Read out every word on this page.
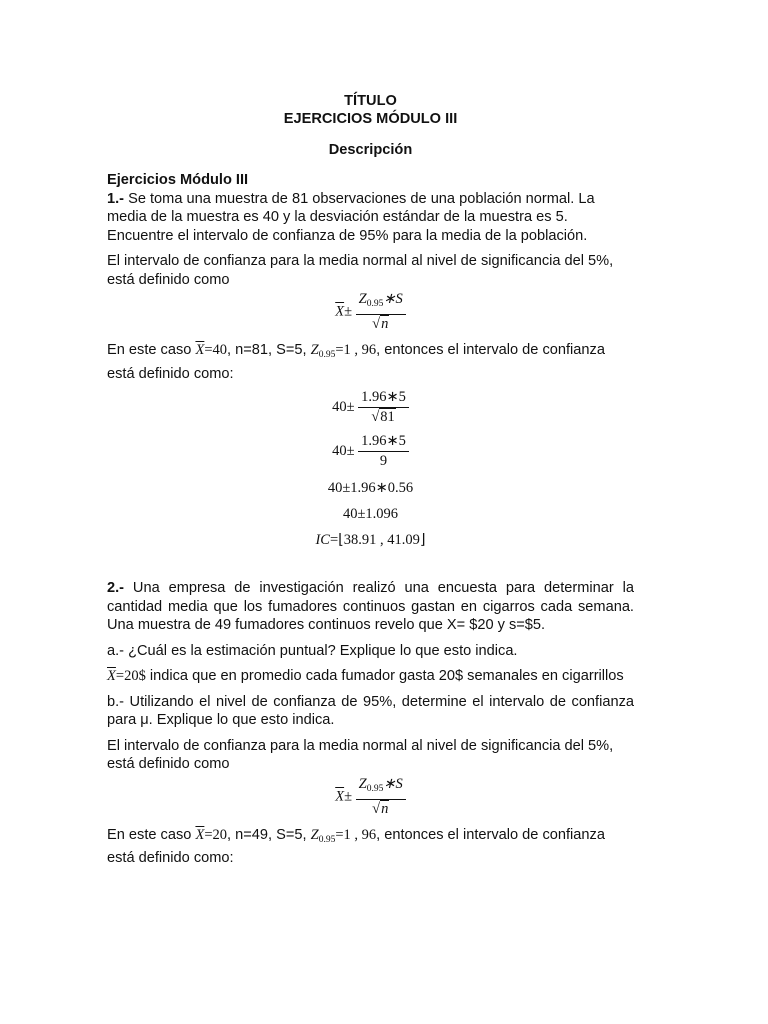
TÍTULO
EJERCICIOS MÓDULO III
Descripción
Ejercicios Módulo III

1.- Se toma una muestra de 81 observaciones de una población normal. La media de la muestra es 40 y la desviación estándar de la muestra es 5. Encuentre el intervalo de confianza de 95% para la media de la población.

El intervalo de confianza para la media normal al nivel de significancia del 5%, está definido como

$\overline{X}\pm \frac{Z_{0.95}∗S}{√n}$

En este caso $\overline{X}=40$, n=81, S=5, $Z_{0.95}=1$ , 96, entonces el intervalo de confianza está definido como:

$40\pm \frac{1.96∗5}{√81}$
$40\pm \frac{1.96∗5}{9}$
40±1.96∗0.56
40±1.096
IC=⌊38.91 , 41.09⌋

2.- Una empresa de investigación realizó una encuesta para determinar la cantidad media que los fumadores continuos gastan en cigarros cada semana. Una muestra de 49 fumadores continuos revelo que X= $20 y s=$5.

a.- ¿Cuál es la estimación puntual? Explique lo que esto indica.

$\overline{X}=20\$$ indica que en promedio cada fumador gasta 20$ semanales en cigarrillos

b.- Utilizando el nivel de confianza de 95%, determine el intervalo de confianza para μ. Explique lo que esto indica.

El intervalo de confianza para la media normal al nivel de significancia del 5%, está definido como

$\overline{X}\pm \frac{Z_{0.95}∗S}{√n}$

En este caso $\overline{X}=20$, n=49, S=5, $Z_{0.95}=1$ , 96, entonces el intervalo de confianza está definido como:
